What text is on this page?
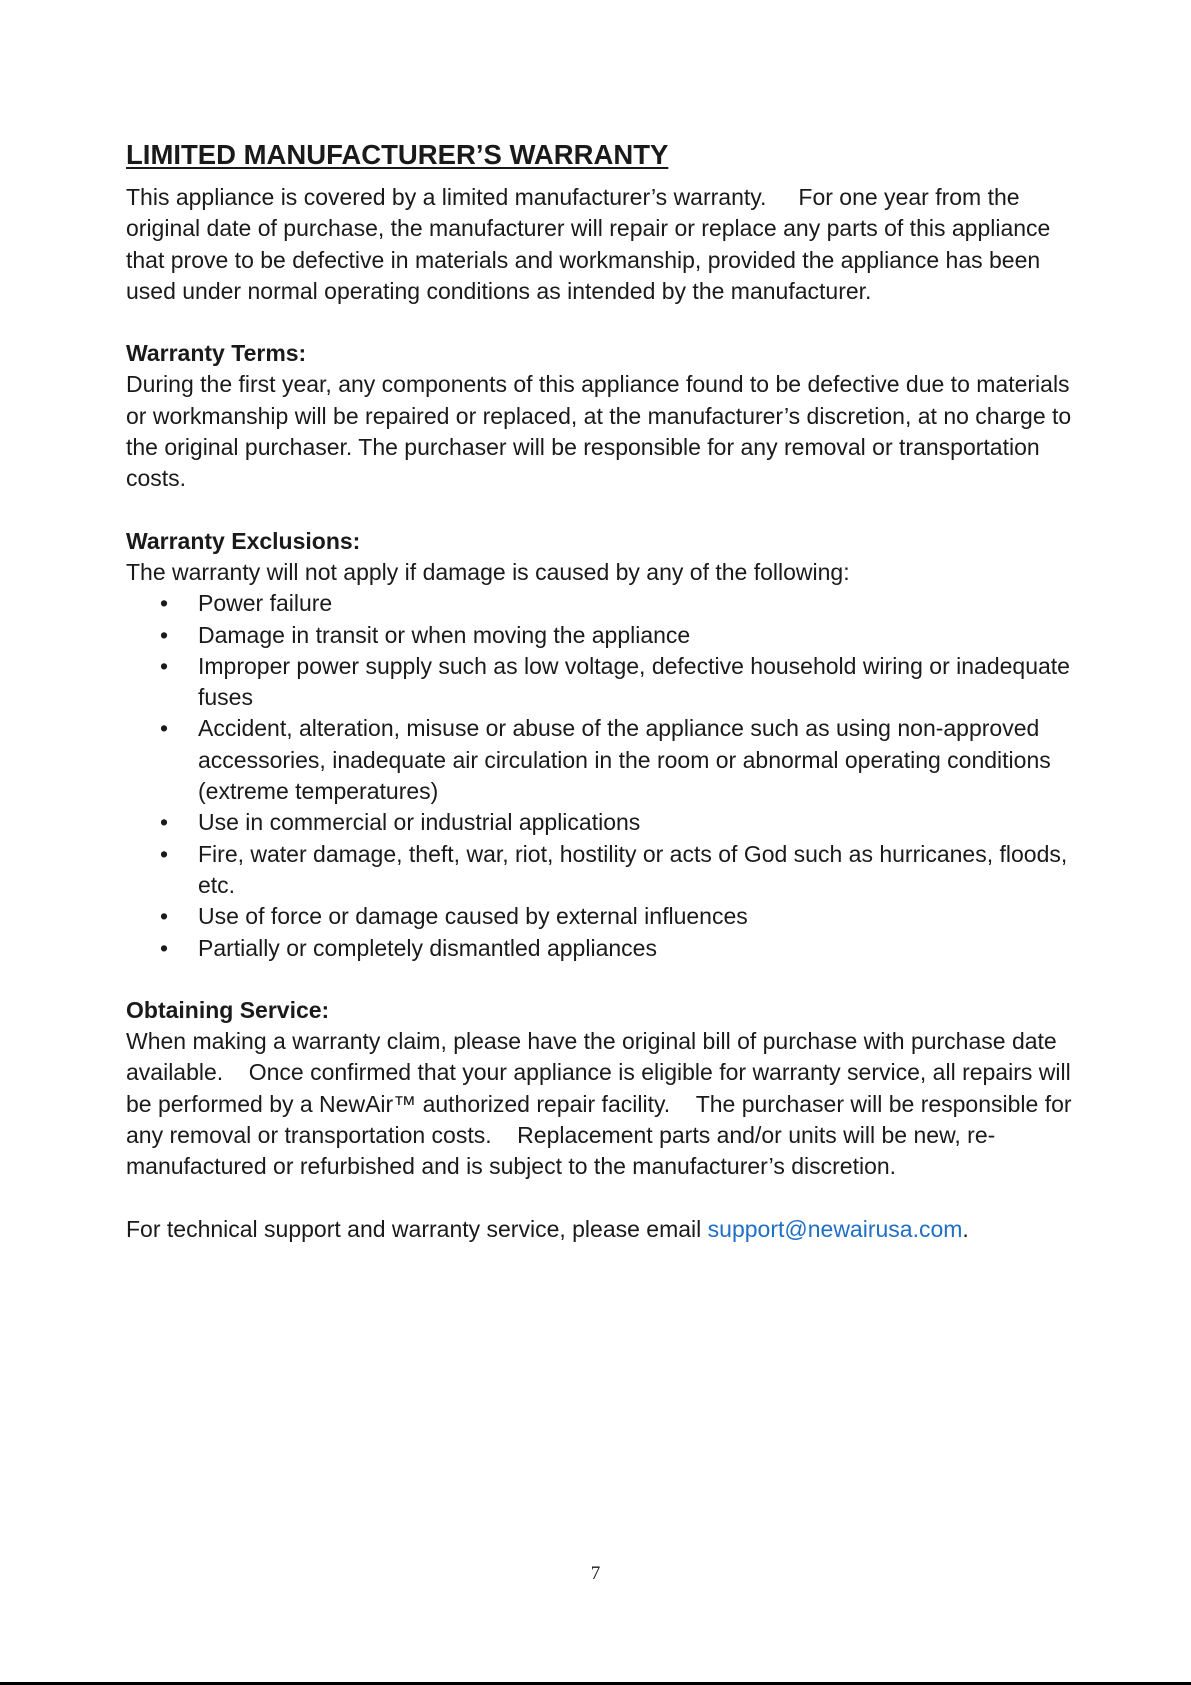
LIMITED MANUFACTURER’S WARRANTY

This appliance is covered by a limited manufacturer’s warranty.     For one year from the original date of purchase, the manufacturer will repair or replace any parts of this appliance that prove to be defective in materials and workmanship, provided the appliance has been used under normal operating conditions as intended by the manufacturer.

Warranty Terms:

During the first year, any components of this appliance found to be defective due to materials or workmanship will be repaired or replaced, at the manufacturer’s discretion, at no charge to the original purchaser. The purchaser will be responsible for any removal or transportation costs.

Warranty Exclusions:

The warranty will not apply if damage is caused by any of the following:

• Power failure
• Damage in transit or when moving the appliance
• Improper power supply such as low voltage, defective household wiring or inadequate fuses
• Accident, alteration, misuse or abuse of the appliance such as using non-approved accessories, inadequate air circulation in the room or abnormal operating conditions (extreme temperatures)
• Use in commercial or industrial applications
• Fire, water damage, theft, war, riot, hostility or acts of God such as hurricanes, floods, etc.
• Use of force or damage caused by external influences
• Partially or completely dismantled appliances
Obtaining Service:

When making a warranty claim, please have the original bill of purchase with purchase date available.    Once confirmed that your appliance is eligible for warranty service, all repairs will be performed by a NewAir™ authorized repair facility.    The purchaser will be responsible for any removal or transportation costs.    Replacement parts and/or units will be new, re-manufactured or refurbished and is subject to the manufacturer’s discretion.

For technical support and warranty service, please email support@newairusa.com.

7
